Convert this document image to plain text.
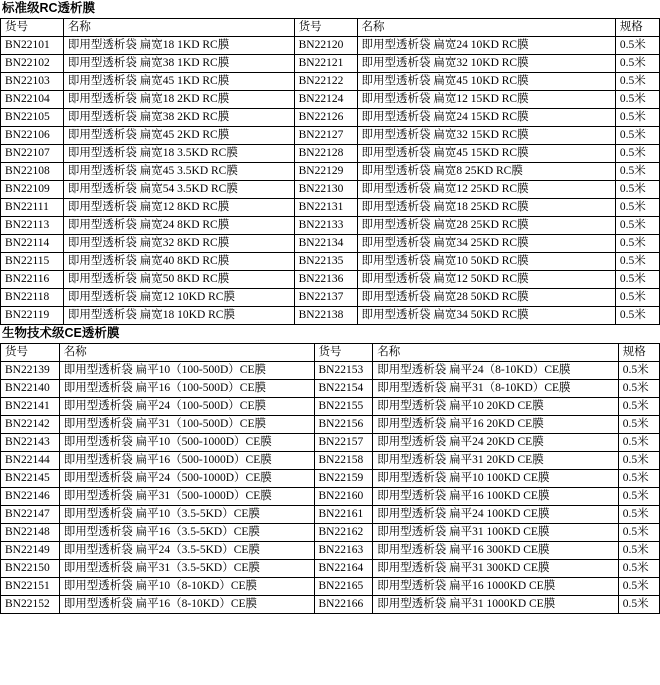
标准级RC透析膜
货号	名称	货号	名称	规格
BN22101	即用型透析袋 扁宽18 1KD RC膜	BN22120	即用型透析袋 扁宽24 10KD RC膜	0.5米
BN22102	即用型透析袋 扁宽38 1KD RC膜	BN22121	即用型透析袋 扁宽32 10KD RC膜	0.5米
BN22103	即用型透析袋 扁宽45 1KD RC膜	BN22122	即用型透析袋 扁宽45 10KD RC膜	0.5米
BN22104	即用型透析袋 扁宽18 2KD RC膜	BN22124	即用型透析袋 扁宽12 15KD RC膜	0.5米
BN22105	即用型透析袋 扁宽38 2KD RC膜	BN22126	即用型透析袋 扁宽24 15KD RC膜	0.5米
BN22106	即用型透析袋 扁宽45 2KD RC膜	BN22127	即用型透析袋 扁宽32 15KD RC膜	0.5米
BN22107	即用型透析袋 扁宽18 3.5KD RC膜	BN22128	即用型透析袋 扁宽45 15KD RC膜	0.5米
BN22108	即用型透析袋 扁宽45 3.5KD RC膜	BN22129	即用型透析袋 扁宽8 25KD RC膜	0.5米
BN22109	即用型透析袋 扁宽54 3.5KD RC膜	BN22130	即用型透析袋 扁宽12 25KD RC膜	0.5米
BN22111	即用型透析袋 扁宽12 8KD RC膜	BN22131	即用型透析袋 扁宽18 25KD RC膜	0.5米
BN22113	即用型透析袋 扁宽24 8KD RC膜	BN22133	即用型透析袋 扁宽28 25KD RC膜	0.5米
BN22114	即用型透析袋 扁宽32 8KD RC膜	BN22134	即用型透析袋 扁宽34 25KD RC膜	0.5米
BN22115	即用型透析袋 扁宽40 8KD RC膜	BN22135	即用型透析袋 扁宽10 50KD RC膜	0.5米
BN22116	即用型透析袋 扁宽50 8KD RC膜	BN22136	即用型透析袋 扁宽12 50KD RC膜	0.5米
BN22118	即用型透析袋 扁宽12 10KD RC膜	BN22137	即用型透析袋 扁宽28 50KD RC膜	0.5米
BN22119	即用型透析袋 扁宽18 10KD RC膜	BN22138	即用型透析袋 扁宽34 50KD RC膜	0.5米
生物技术级CE透析膜
货号	名称	货号	名称	规格
BN22139	即用型透析袋 扁平10（100-500D）CE膜	BN22153	即用型透析袋 扁平24（8-10KD）CE膜	0.5米
BN22140	即用型透析袋 扁平16（100-500D）CE膜	BN22154	即用型透析袋 扁平31（8-10KD）CE膜	0.5米
BN22141	即用型透析袋 扁平24（100-500D）CE膜	BN22155	即用型透析袋 扁平10 20KD CE膜	0.5米
BN22142	即用型透析袋 扁平31（100-500D）CE膜	BN22156	即用型透析袋 扁平16 20KD CE膜	0.5米
BN22143	即用型透析袋 扁平10（500-1000D）CE膜	BN22157	即用型透析袋 扁平24 20KD CE膜	0.5米
BN22144	即用型透析袋 扁平16（500-1000D）CE膜	BN22158	即用型透析袋 扁平31 20KD CE膜	0.5米
BN22145	即用型透析袋 扁平24（500-1000D）CE膜	BN22159	即用型透析袋 扁平10 100KD CE膜	0.5米
BN22146	即用型透析袋 扁平31（500-1000D）CE膜	BN22160	即用型透析袋 扁平16 100KD CE膜	0.5米
BN22147	即用型透析袋 扁平10（3.5-5KD）CE膜	BN22161	即用型透析袋 扁平24 100KD CE膜	0.5米
BN22148	即用型透析袋 扁平16（3.5-5KD）CE膜	BN22162	即用型透析袋 扁平31 100KD CE膜	0.5米
BN22149	即用型透析袋 扁平24（3.5-5KD）CE膜	BN22163	即用型透析袋 扁平16 300KD CE膜	0.5米
BN22150	即用型透析袋 扁平31（3.5-5KD）CE膜	BN22164	即用型透析袋 扁平31 300KD CE膜	0.5米
BN22151	即用型透析袋 扁平10（8-10KD）CE膜	BN22165	即用型透析袋 扁平16 1000KD CE膜	0.5米
BN22152	即用型透析袋 扁平16（8-10KD）CE膜	BN22166	即用型透析袋 扁平31 1000KD CE膜	0.5米
